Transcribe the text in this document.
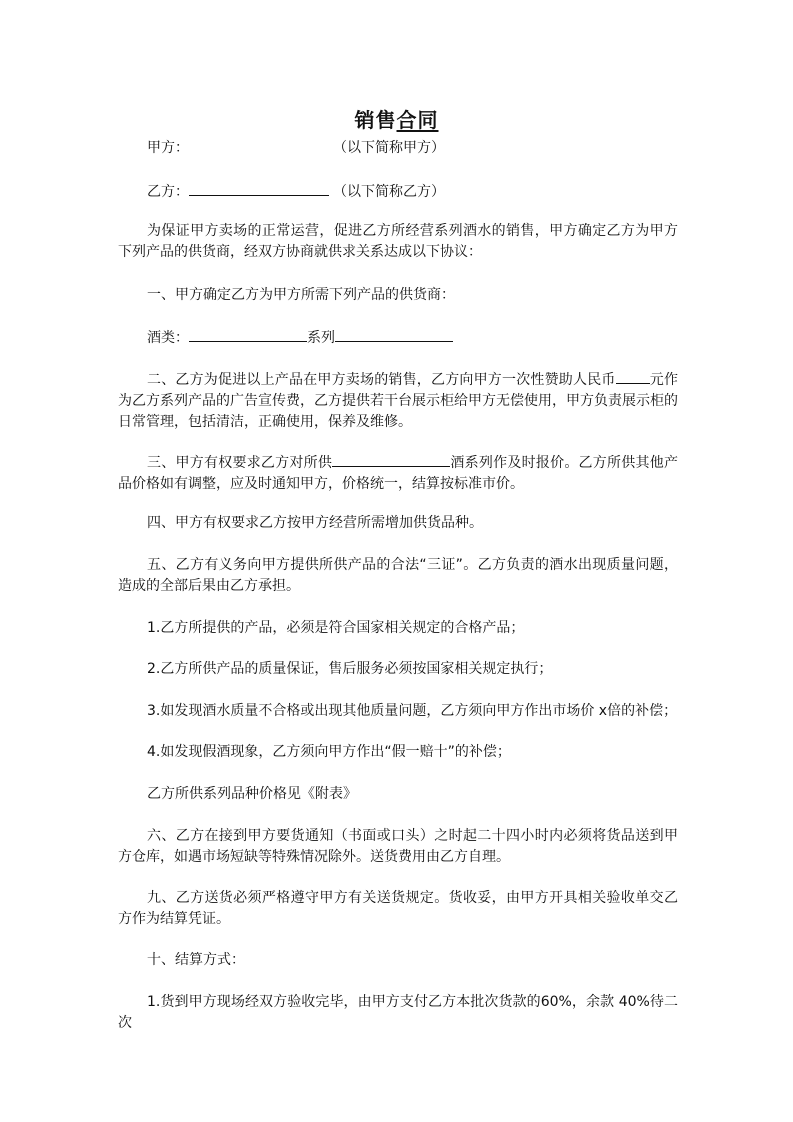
销售合同
甲方：	（以下简称甲方）
乙方：	（以下简称乙方）
为保证甲方卖场的正常运营，促进乙方所经营系列酒水的销售，甲方确定乙方为甲方下列产品的供货商，经双方协商就供求关系达成以下协议：
一、甲方确定乙方为甲方所需下列产品的供货商：
酒类：	系列
二、乙方为促进以上产品在甲方卖场的销售，乙方向甲方一次性赞助人民币 元作为乙方系列产品的广告宣传费，乙方提供若干台展示柜给甲方无偿使用，甲方负责展示柜的日常管理，包括清洁，正确使用，保养及维修。
三、甲方有权要求乙方对所供	酒系列作及时报价。乙方所供其他产品价格如有调整，应及时通知甲方，价格统一，结算按标准市价。
四、甲方有权要求乙方按甲方经营所需增加供货品种。
五、乙方有义务向甲方提供所供产品的合法“三证”。乙方负责的酒水出现质量问题，造成的全部后果由乙方承担。
1.乙方所提供的产品，必须是符合国家相关规定的合格产品；
2.乙方所供产品的质量保证，售后服务必须按国家相关规定执行；
3.如发现酒水质量不合格或出现其他质量问题，乙方须向甲方作出市场价 x倍的补偿；
4.如发现假酒现象，乙方须向甲方作出“假一赔十”的补偿；
乙方所供系列品种价格见《附表》
六、乙方在接到甲方要货通知（书面或口头）之时起二十四小时内必须将货品送到甲方仓库，如遇市场短缺等特殊情况除外。送货费用由乙方自理。
九、乙方送货必须严格遵守甲方有关送货规定。货收妥，由甲方开具相关验收单交乙方作为结算凭证。
十、结算方式：
1.货到甲方现场经双方验收完毕，由甲方支付乙方本批次货款的60%，余款 40%待二次
